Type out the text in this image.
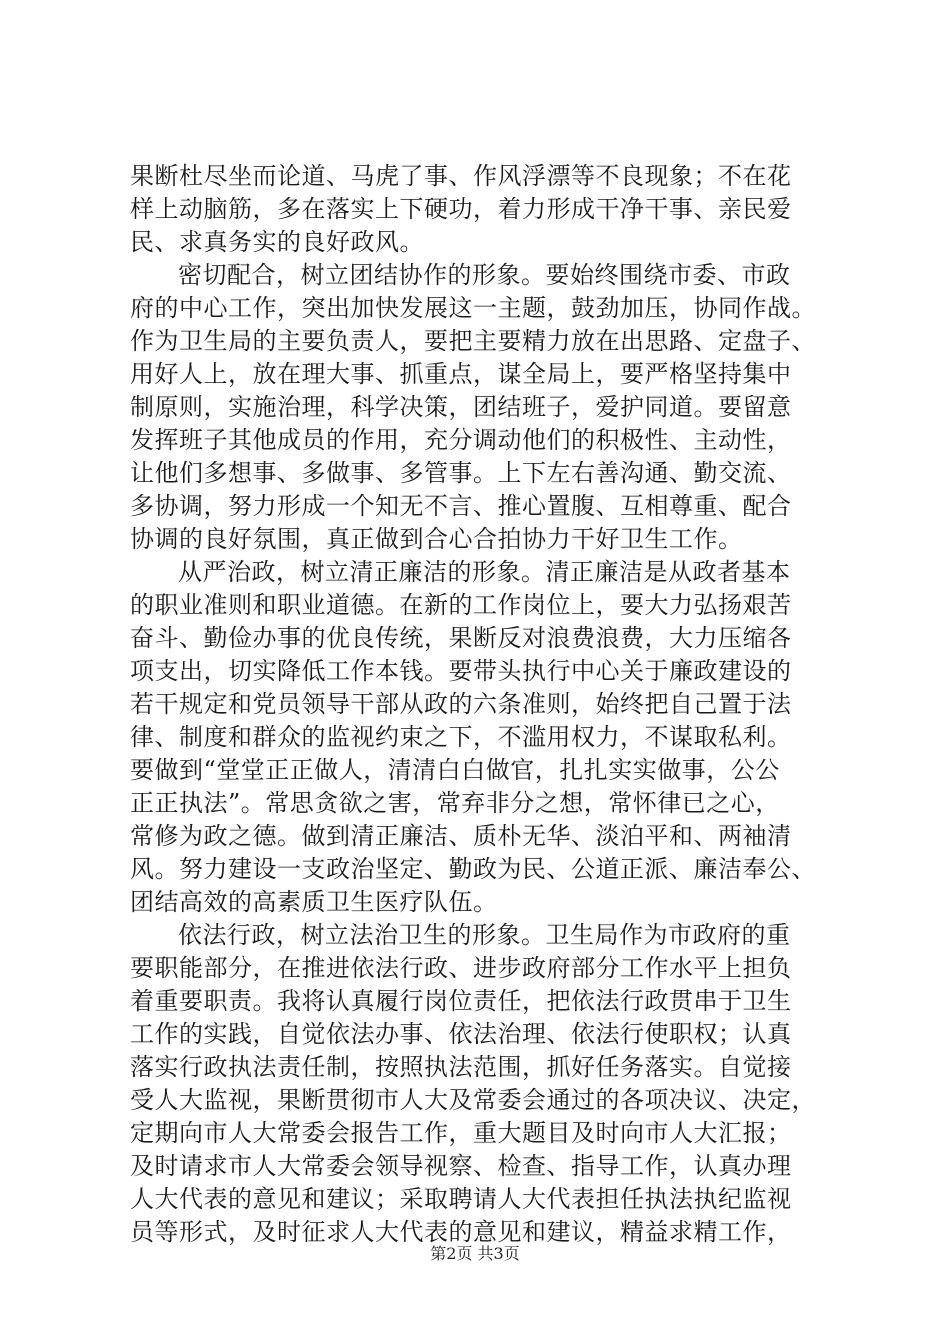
果断杜尽坐而论道、马虎了事、作风浮漂等不良现象；不在花
样上动脑筋，多在落实上下硬功，着力形成干净干事、亲民爱
民、求真务实的良好政风。
密切配合，树立团结协作的形象。要始终围绕市委、市政
府的中心工作，突出加快发展这一主题，鼓劲加压，协同作战。
作为卫生局的主要负责人，要把主要精力放在出思路、定盘子、
用好人上，放在理大事、抓重点，谋全局上，要严格坚持集中
制原则，实施治理，科学决策，团结班子，爱护同道。要留意
发挥班子其他成员的作用，充分调动他们的积极性、主动性，
让他们多想事、多做事、多管事。上下左右善沟通、勤交流、
多协调，努力形成一个知无不言、推心置腹、互相尊重、配合
协调的良好氛围，真正做到合心合拍协力干好卫生工作。
从严治政，树立清正廉洁的形象。清正廉洁是从政者基本
的职业准则和职业道德。在新的工作岗位上，要大力弘扬艰苦
奋斗、勤俭办事的优良传统，果断反对浪费浪费，大力压缩各
项支出，切实降低工作本钱。要带头执行中心关于廉政建设的
若干规定和党员领导干部从政的六条准则，始终把自己置于法
律、制度和群众的监视约束之下，不滥用权力，不谋取私利。
要做到“堂堂正正做人，清清白白做官，扎扎实实做事，公公
正正执法”。常思贪欲之害，常弃非分之想，常怀律已之心，
常修为政之德。做到清正廉洁、质朴无华、淡泊平和、两袖清
风。努力建设一支政治坚定、勤政为民、公道正派、廉洁奉公、
团结高效的高素质卫生医疗队伍。
依法行政，树立法治卫生的形象。卫生局作为市政府的重
要职能部分，在推进依法行政、进步政府部分工作水平上担负
着重要职责。我将认真履行岗位责任，把依法行政贯串于卫生
工作的实践，自觉依法办事、依法治理、依法行使职权；认真
落实行政执法责任制，按照执法范围，抓好任务落实。自觉接
受人大监视，果断贯彻市人大及常委会通过的各项决议、决定，
定期向市人大常委会报告工作，重大题目及时向市人大汇报；
及时请求市人大常委会领导视察、检查、指导工作，认真办理
人大代表的意见和建议；采取聘请人大代表担任执法执纪监视
员等形式，及时征求人大代表的意见和建议，精益求精工作，
第2页 共3页
